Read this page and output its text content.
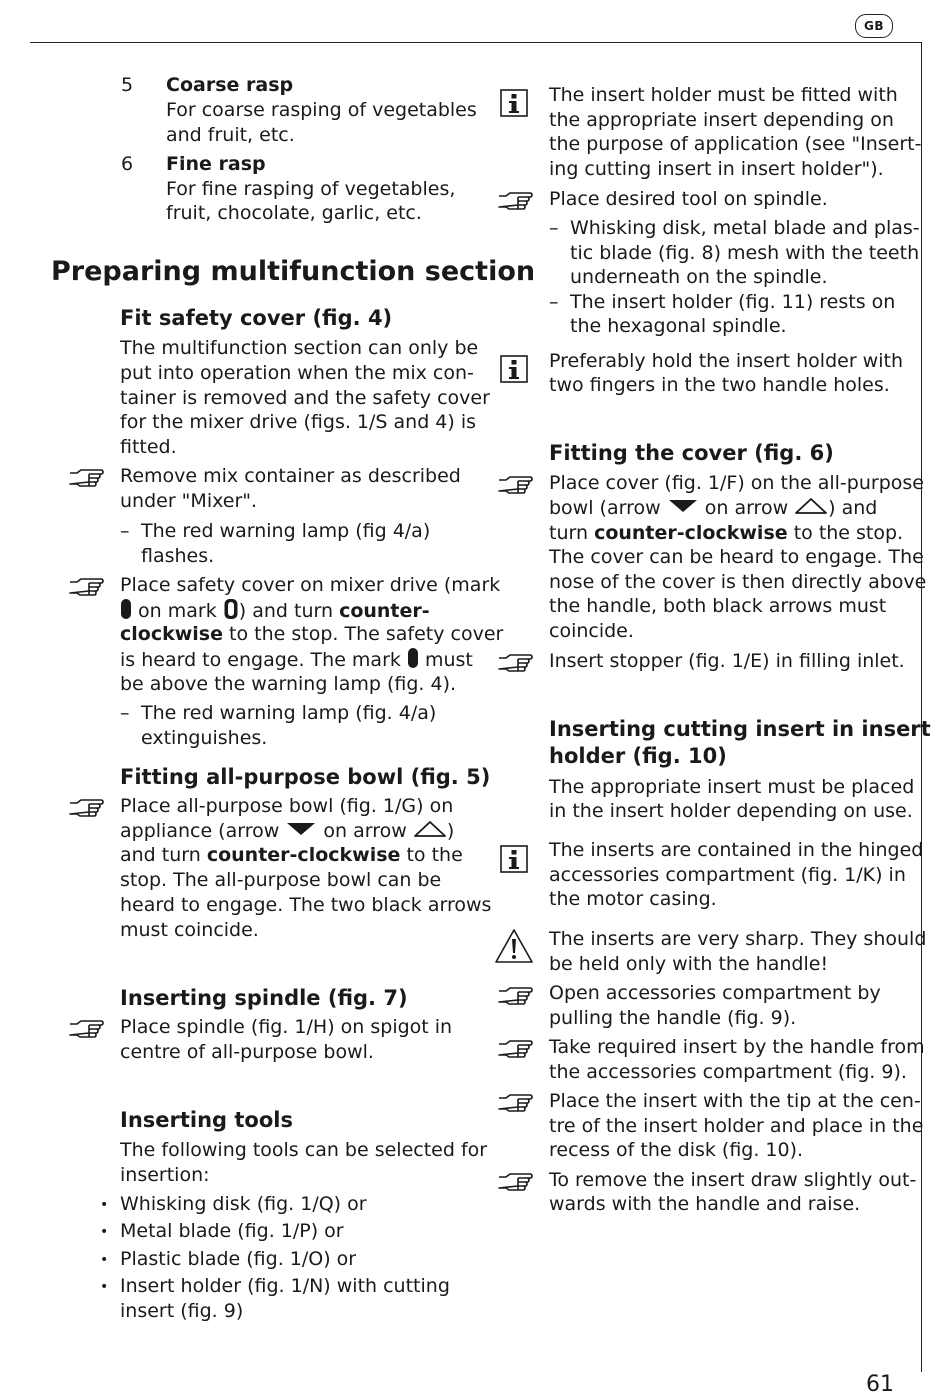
GB
5 Coarse rasp
For coarse rasping of vegetables
and fruit, etc.
6 Fine rasp
For fine rasping of vegetables,
fruit, chocolate, garlic, etc.
Preparing multifunction section
Fit safety cover (fig. 4)
The multifunction section can only be
put into operation when the mix con-
tainer is removed and the safety cover
for the mixer drive (figs. 1/S and 4) is
fitted.
Remove mix container as described
under "Mixer".
– The red warning lamp (fig 4/a)
flashes.
Place safety cover on mixer drive (mark
on mark ) and turn counter-
clockwise to the stop. The safety cover
is heard to engage. The mark must
be above the warning lamp (fig. 4).
– The red warning lamp (fig. 4/a)
extinguishes.
Fitting all-purpose bowl (fig. 5)
Place all-purpose bowl (fig. 1/G) on
appliance (arrow on arrow )
and turn counter-clockwise to the
stop. The all-purpose bowl can be
heard to engage. The two black arrows
must coincide.
Inserting spindle (fig. 7)
Place spindle (fig. 1/H) on spigot in
centre of all-purpose bowl.
Inserting tools
The following tools can be selected for
insertion:
• Whisking disk (fig. 1/Q) or
• Metal blade (fig. 1/P) or
• Plastic blade (fig. 1/O) or
• Insert holder (fig. 1/N) with cutting
insert (fig. 9)
The insert holder must be fitted with
the appropriate insert depending on
the purpose of application (see "Insert-
ing cutting insert in insert holder").
Place desired tool on spindle.
– Whisking disk, metal blade and plas-
tic blade (fig. 8) mesh with the teeth
underneath on the spindle.
– The insert holder (fig. 11) rests on
the hexagonal spindle.
Preferably hold the insert holder with
two fingers in the two handle holes.
Fitting the cover (fig. 6)
Place cover (fig. 1/F) on the all-purpose
bowl (arrow on arrow ) and
turn counter-clockwise to the stop.
The cover can be heard to engage. The
nose of the cover is then directly above
the handle, both black arrows must
coincide.
Insert stopper (fig. 1/E) in filling inlet.
Inserting cutting insert in insert
holder (fig. 10)
The appropriate insert must be placed
in the insert holder depending on use.
The inserts are contained in the hinged
accessories compartment (fig. 1/K) in
the motor casing.
The inserts are very sharp. They should
be held only with the handle!
Open accessories compartment by
pulling the handle (fig. 9).
Take required insert by the handle from
the accessories compartment (fig. 9).
Place the insert with the tip at the cen-
tre of the insert holder and place in the
recess of the disk (fig. 10).
To remove the insert draw slightly out-
wards with the handle and raise.
61
